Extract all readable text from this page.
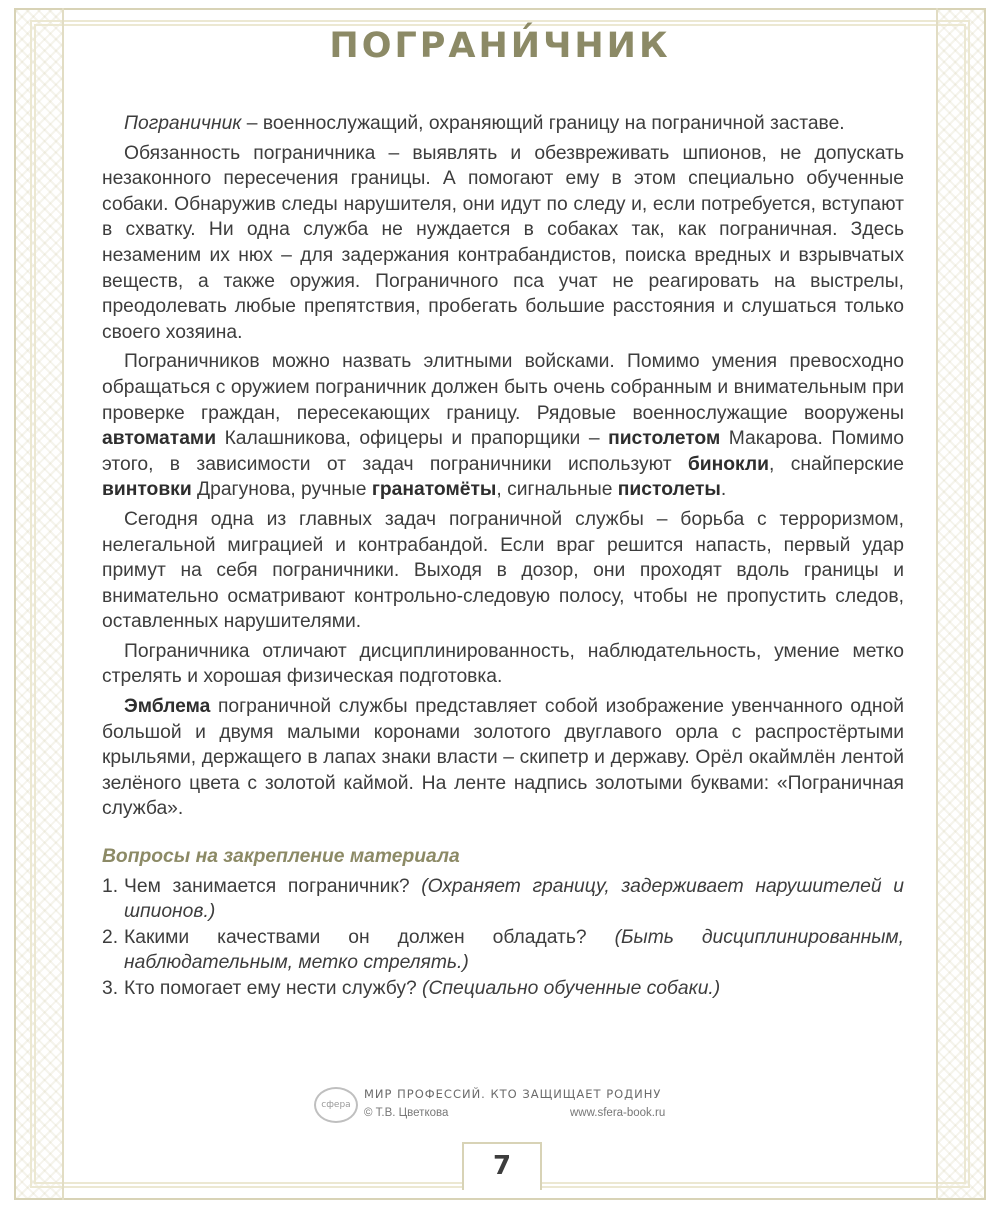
ПОГРАНИ́ЧНИК

Пограничник – военнослужащий, охраняющий границу на пограничной заставе.

Обязанность пограничника – выявлять и обезвреживать шпионов, не допускать незаконного пересечения границы. А помогают ему в этом специально обученные собаки. Обнаружив следы нарушителя, они идут по следу и, если потребуется, вступают в схватку. Ни одна служба не нуждается в собаках так, как пограничная. Здесь незаменим их нюх – для задержания контрабандистов, поиска вредных и взрывчатых веществ, а также оружия. Пограничного пса учат не реагировать на выстрелы, преодолевать любые препятствия, пробегать большие расстояния и слушаться только своего хозяина.

Пограничников можно назвать элитными войсками. Помимо умения превосходно обращаться с оружием пограничник должен быть очень собранным и внимательным при проверке граждан, пересекающих границу. Рядовые военнослужащие вооружены автоматами Калашникова, офицеры и прапорщики – пистолетом Макарова. Помимо этого, в зависимости от задач пограничники используют бинокли, снайперские винтовки Драгунова, ручные гранатомёты, сигнальные пистолеты.

Сегодня одна из главных задач пограничной службы – борьба с терроризмом, нелегальной миграцией и контрабандой. Если враг решится напасть, первый удар примут на себя пограничники. Выходя в дозор, они проходят вдоль границы и внимательно осматривают контрольно-следовую полосу, чтобы не пропустить следов, оставленных нарушителями.

Пограничника отличают дисциплинированность, наблюдательность, умение метко стрелять и хорошая физическая подготовка.

Эмблема пограничной службы представляет собой изображение увенчанного одной большой и двумя малыми коронами золотого двуглавого орла с распростёртыми крыльями, держащего в лапах знаки власти – скипетр и державу. Орёл окаймлён лентой зелёного цвета с золотой каймой. На ленте надпись золотыми буквами: «Пограничная служба».

Вопросы на закрепление материала
1. Чем занимается пограничник? (Охраняет границу, задерживает нарушителей и шпионов.)
2. Какими качествами он должен обладать? (Быть дисциплинированным, наблюдательным, метко стрелять.)
3. Кто помогает ему нести службу? (Специально обученные собаки.)
сфера
МИР ПРОФЕССИЙ. КТО ЗАЩИЩАЕТ РОДИНУ
© Т.В. Цветкова	www.sfera-book.ru
7
